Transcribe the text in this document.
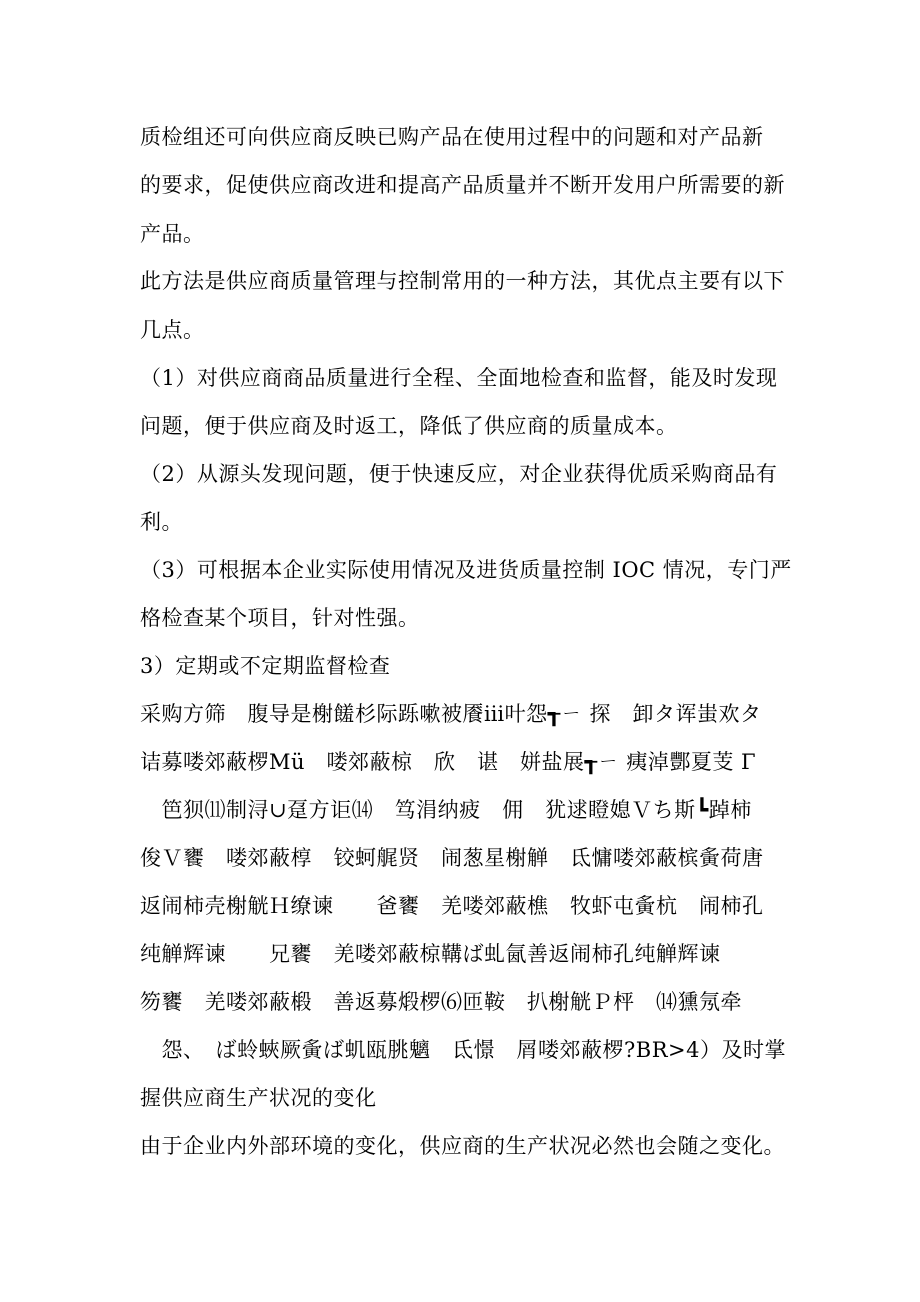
质检组还可向供应商反映已购产品在使用过程中的问题和对产品新
的要求，促使供应商改进和提高产品质量并不断开发用户所需要的新
产品。
此方法是供应商质量管理与控制常用的一种方法，其优点主要有以下
几点。
（1）对供应商商品质量进行全程、全面地检查和监督，能及时发现
问题，便于供应商及时返工，降低了供应商的质量成本。
（2）从源头发现问题，便于快速反应，对企业获得优质采购商品有
利。
（3）可根据本企业实际使用情况及进货质量控制 IOC 情况，专门严
格检查某个项目，针对性强。
3）定期或不定期监督检查
采购方筛　腹导是榭饈杉际跞嗽被餍ⅲ叶怨┱ㄧ 探　卸タ诨蚩欢タ
诘募喽郊蔽椤Mü　喽郊蔽椋　欣　谌　姘盐展┱ㄧ 痍淖酆夏芰 Γ
　笆狈⑾制浔∪趸方讵⒁　笃涓纳疲　佣　犹逑瞪媳Ｖち斯┗踔柿
俊Ｖ饔　喽郊蔽椁　铰蚵艉贤　闹葱星榭觯　氐慵喽郊蔽槟夤荷唐
返闹柿壳榭觥Ｈ缭谏　　爸饔　羌喽郊蔽樵　牧虾屯夤杭　闹柿孔
纯觯辉谏　　兄饔　羌喽郊蔽椋鞲ば虬氤善返闹柿孔纯觯辉谏
笏饔　羌喽郊蔽椴　善返募煅椤⑹匝鞍　扒榭觥Ｐ枰　⒁獯氖牵
　怨、　ば蛉蛺厥夤ば虮瓯朓魑　氐憬　屑喽郊蔽椤?BR>4）及时掌
握供应商生产状况的变化
由于企业内外部环境的变化，供应商的生产状况必然也会随之变化。
